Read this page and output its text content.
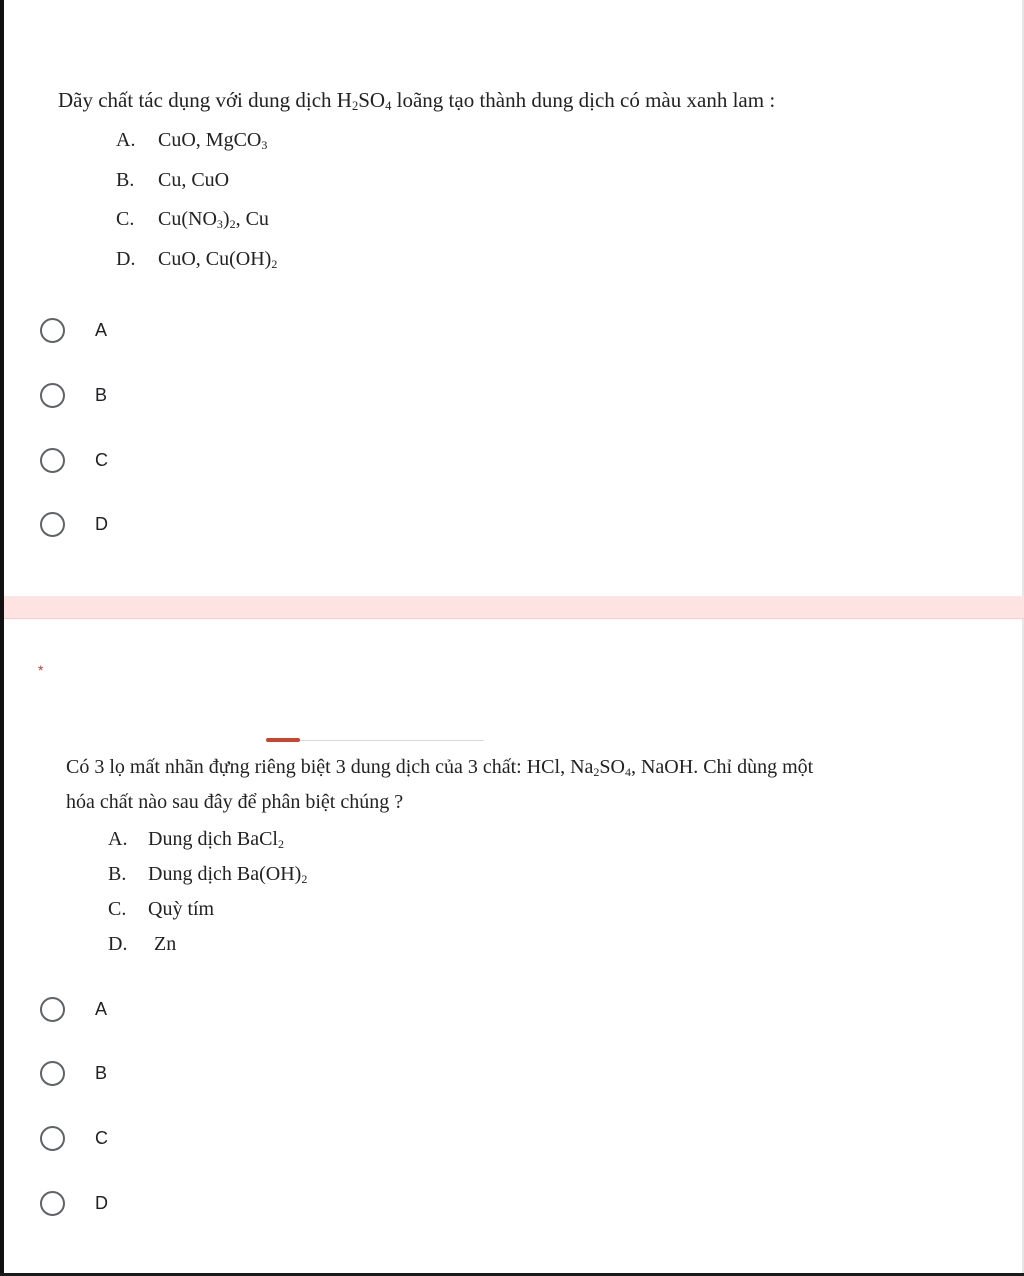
Dãy chất tác dụng với dung dịch $H_2SO_4$ loãng tạo thành dung dịch có màu xanh lam :
A. CuO, MgCO$_3$
B. Cu, CuO
C. $Cu(NO_3)_2$, Cu
D. CuO, $Cu(OH)_2$
A
B
C
D
*
Có 3 lọ mất nhãn đựng riêng biệt 3 dung dịch của 3 chất: HCl, $Na_2SO_4$, NaOH. Chỉ dùng một
hóa chất nào sau đây để phân biệt chúng ?
A. Dung dịch BaCl$_2$
B. Dung dịch $Ba(OH)_2$
C. Quỳ tím
D. Zn
A
B
C
D
